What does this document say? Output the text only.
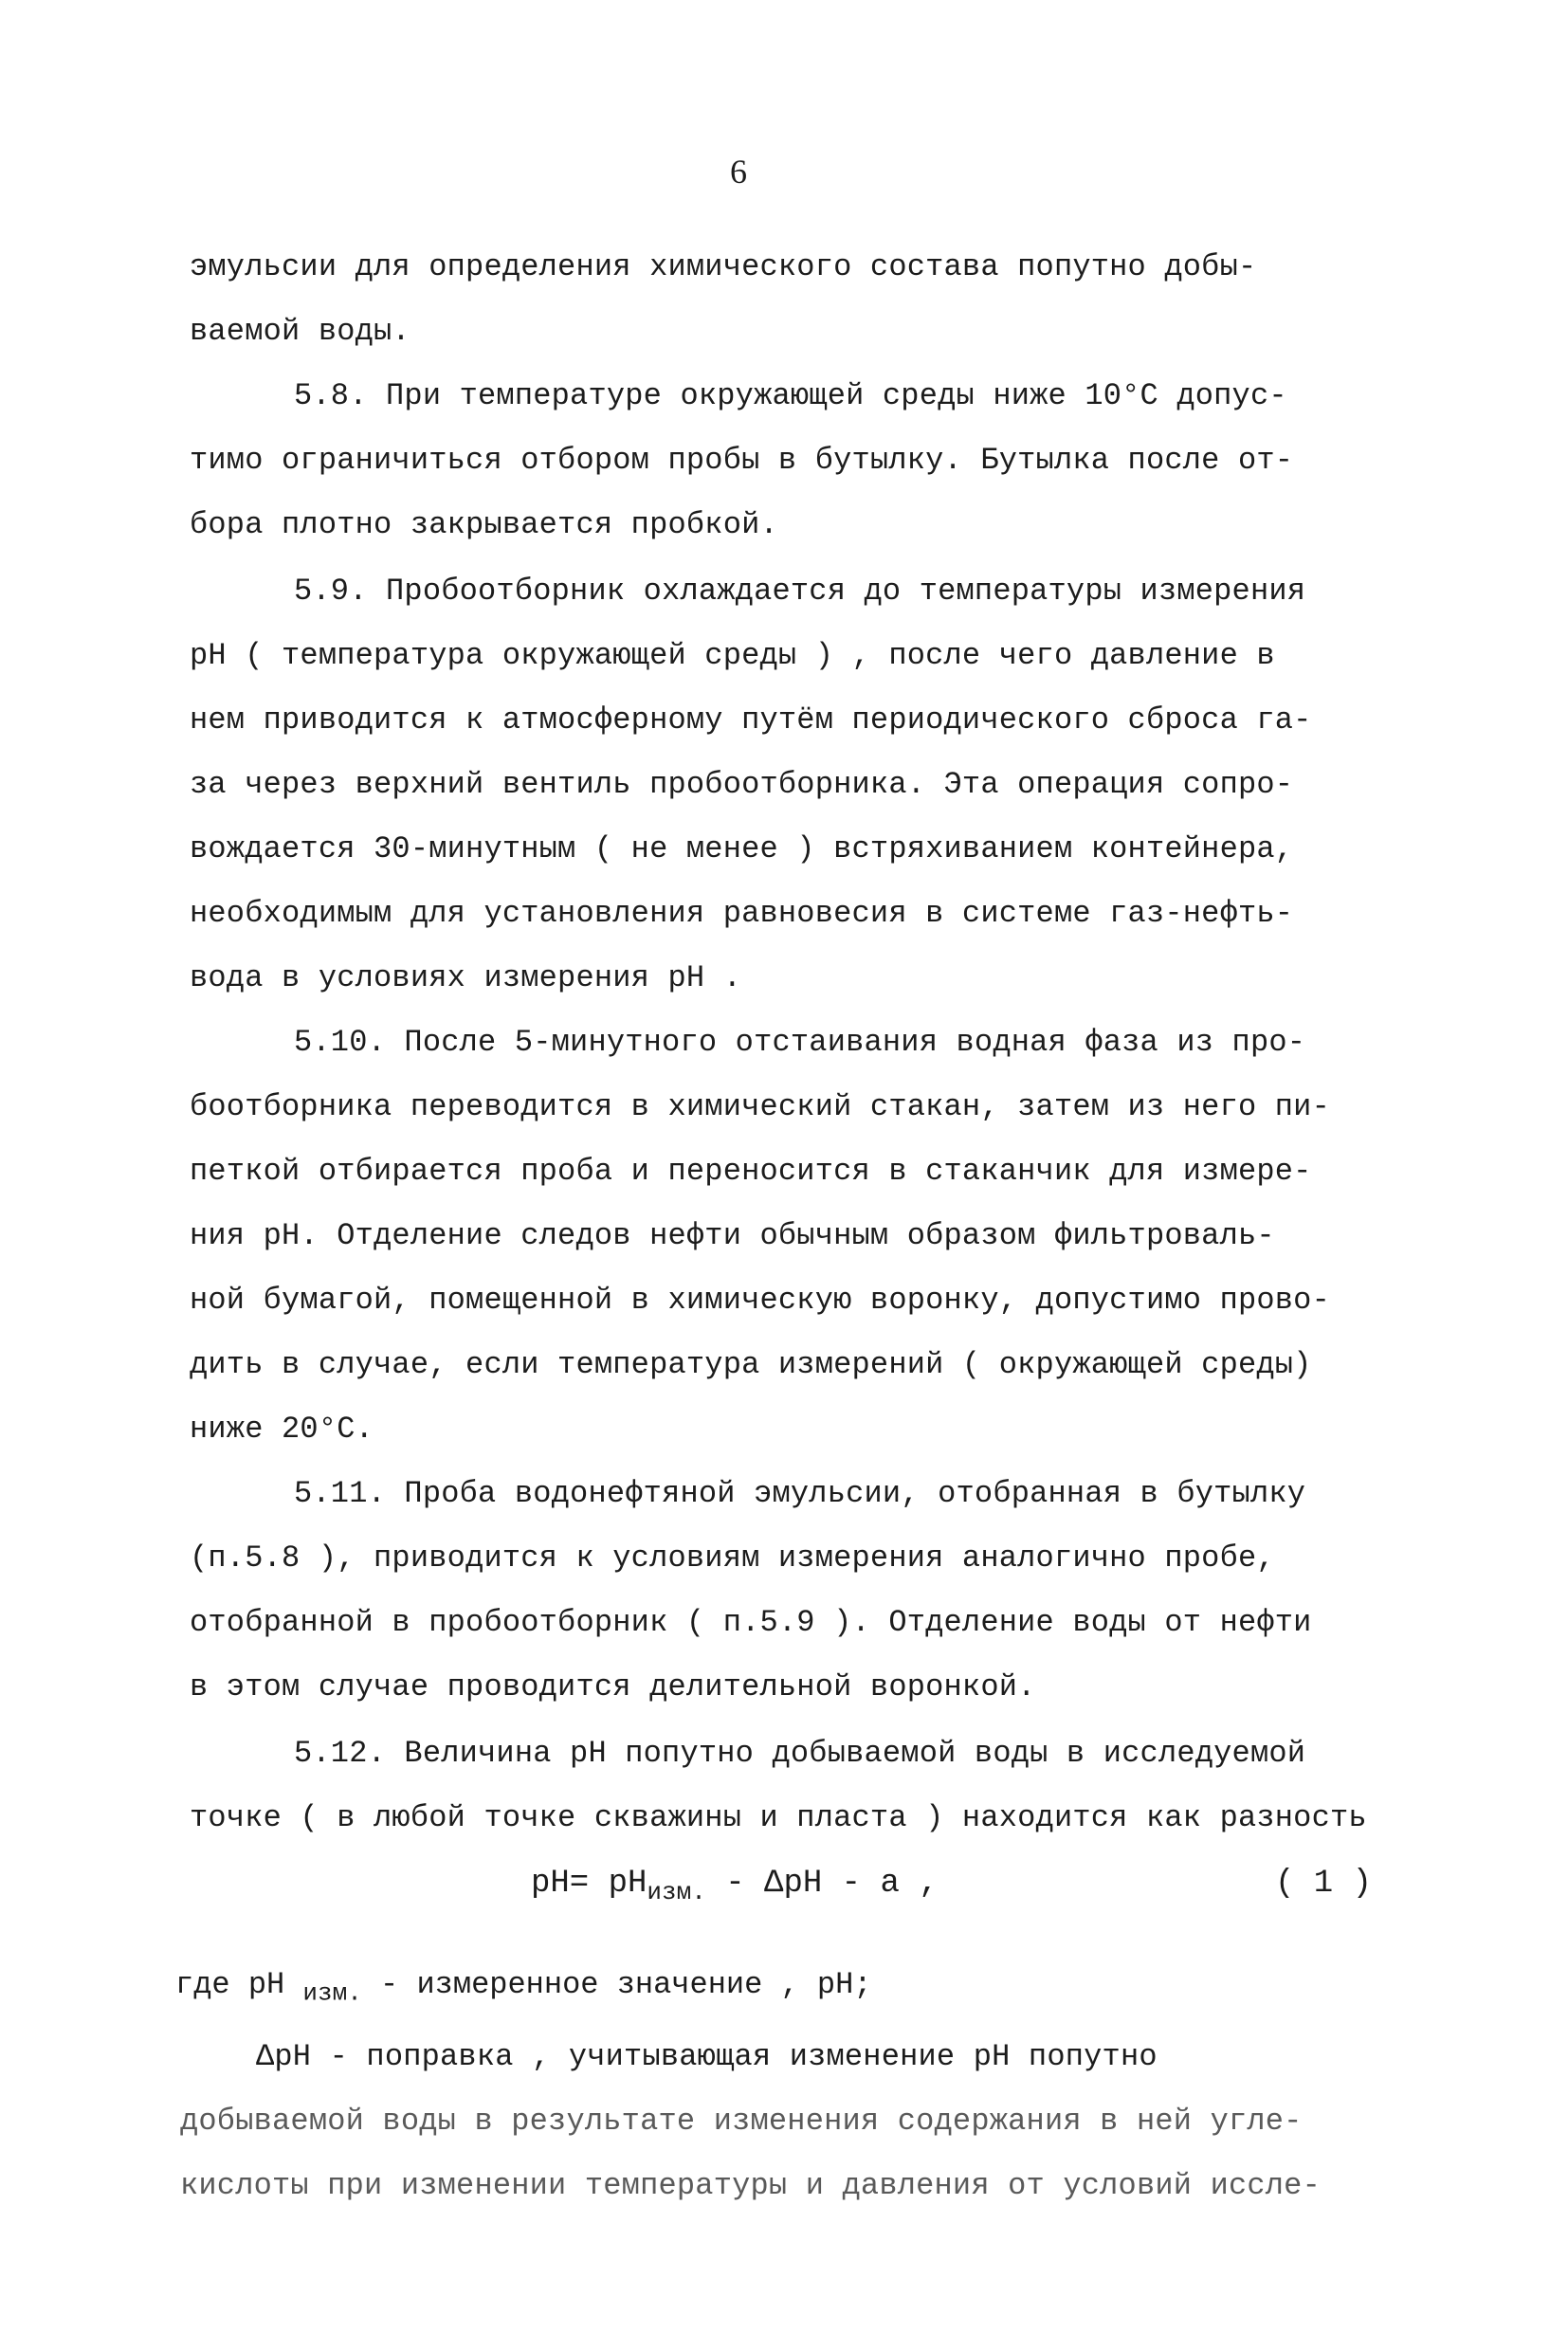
6
эмульсии для определения химического состава попутно добы-
ваемой воды.
5.8. При температуре окружающей среды ниже 10°С допус-
тимо ограничиться отбором пробы в бутылку. Бутылка после от-
бора плотно закрывается пробкой.
5.9. Пробоотборник охлаждается до температуры измерения
pH ( температура окружающей среды ) , после чего давление в
нем приводится к атмосферному путём периодического сброса га-
за через верхний вентиль пробоотборника. Эта операция сопро-
вождается 30-минутным ( не менее ) встряхиванием контейнера,
необходимым для установления равновесия в системе газ-нефть-
вода в условиях измерения pH .
5.10. После 5-минутного отстаивания водная фаза из про-
боотборника переводится в химический стакан, затем из него пи-
петкой отбирается проба и переносится в стаканчик для измере-
ния pH. Отделение следов нефти обычным образом фильтроваль-
ной бумагой, помещенной в химическую воронку, допустимо прово-
дить в случае, если температура измерений ( окружающей среды)
ниже 20°С.
5.11. Проба водонефтяной эмульсии, отобранная в бутылку
(п.5.8 ), приводится к условиям измерения аналогично пробе,
отобранной в пробоотборник ( п.5.9 ). Отделение воды от нефти
в этом случае проводится делительной воронкой.
5.12. Величина pH попутно добываемой воды в исследуемой
точке ( в любой точке скважины и пласта ) находится как разность
$pH= pH_{изм.} - \Delta pH - a$ ,	( 1 )
где pH $_{изм.}$ - измеренное значение , pH;
ΔpH - поправка , учитывающая изменение pH попутно
добываемой воды в результате изменения содержания в ней угле-
кислоты при изменении температуры и давления от условий иссле-
